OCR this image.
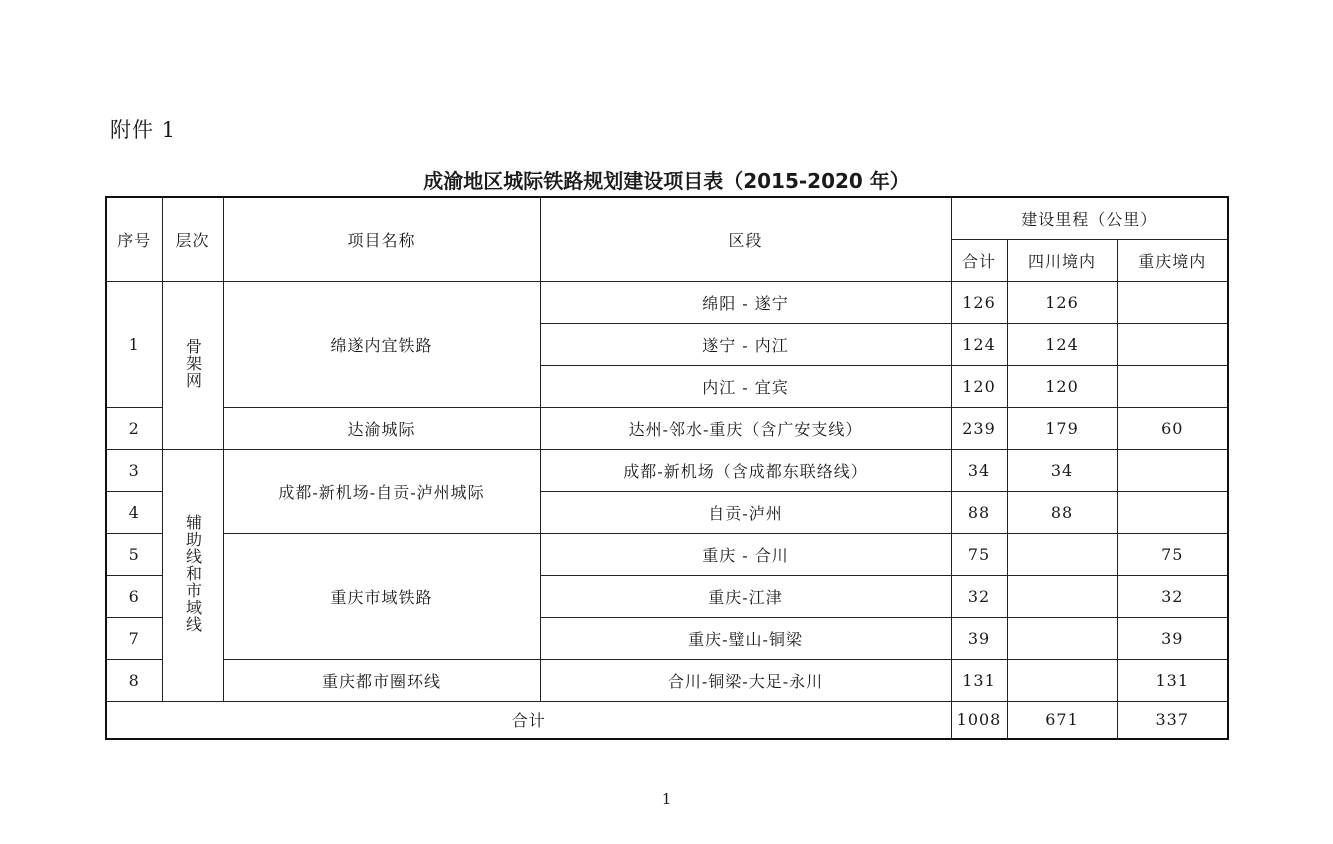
附件 1
成渝地区城际铁路规划建设项目表（2015-2020 年）
序号	层次	项目名称	区段	建设里程（公里）		
				合计	四川境内	重庆境内
1	骨架网	绵遂内宜铁路	绵阳 - 遂宁	126	126	
			遂宁 - 内江	124	124	
			内江 - 宜宾	120	120	
2		达渝城际	达州-邻水-重庆（含广安支线）	239	179	60
3	辅助线和市域线	成都-新机场-自贡-泸州城际	成都-新机场（含成都东联络线）	34	34	
4			自贡-泸州	88	88	
5		重庆市域铁路	重庆 - 合川	75		75
6			重庆-江津	32		32
7			重庆-璧山-铜梁	39		39
8		重庆都市圈环线	合川-铜梁-大足-永川	131		131
合计				1008	671	337
1
